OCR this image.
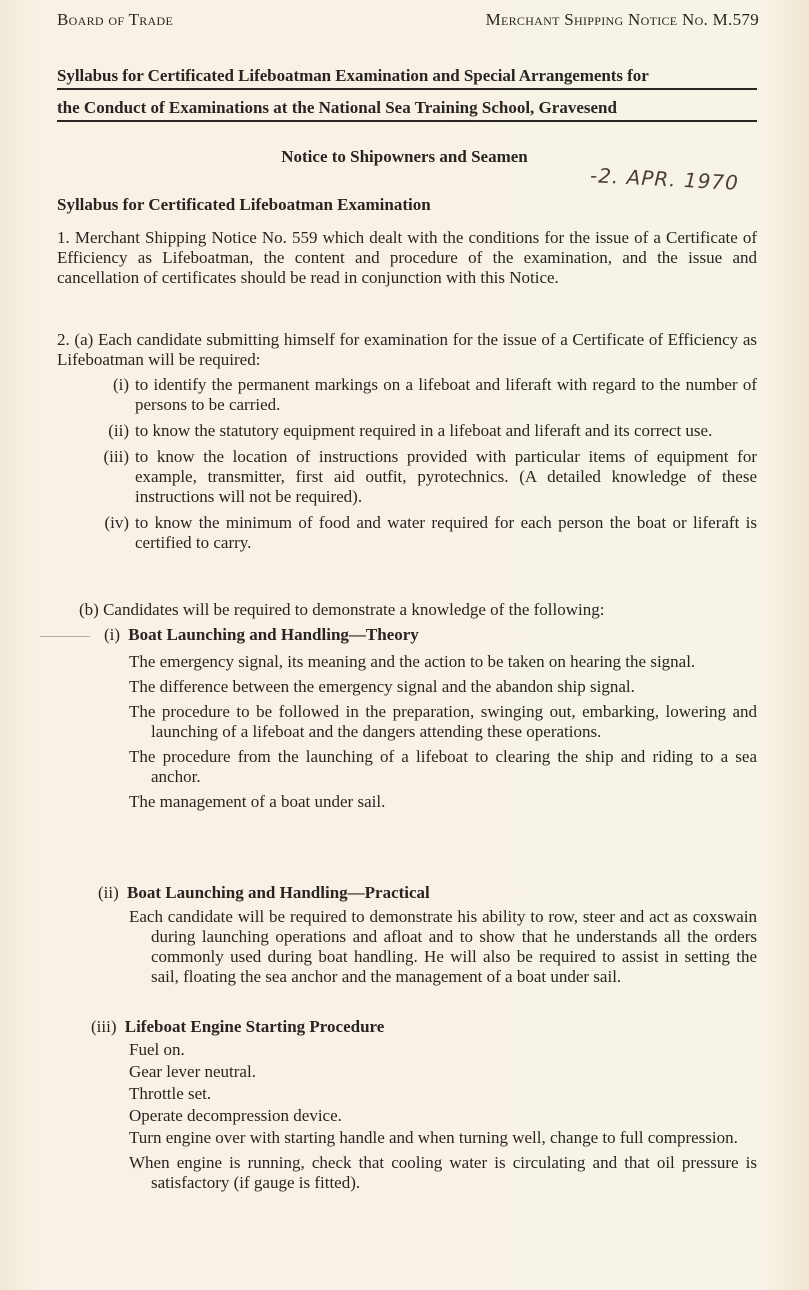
Board of Trade	Merchant Shipping Notice No. M.579
Syllabus for Certificated Lifeboatman Examination and Special Arrangements for
the Conduct of Examinations at the National Sea Training School, Gravesend
Notice to Shipowners and Seamen
-2. APR. 1970
Syllabus for Certificated Lifeboatman Examination

1. Merchant Shipping Notice No. 559 which dealt with the conditions for the issue of a Certificate of Efficiency as Lifeboatman, the content and procedure of the examination, and the issue and cancellation of certificates should be read in conjunction with this Notice.

2. (a) Each candidate submitting himself for examination for the issue of a Certificate of Efficiency as Lifeboatman will be required:

(i) to identify the permanent markings on a lifeboat and liferaft with regard to the number of persons to be carried.
(ii) to know the statutory equipment required in a lifeboat and liferaft and its correct use.
(iii) to know the location of instructions provided with particular items of equipment for example, transmitter, first aid outfit, pyrotechnics. (A detailed knowledge of these instructions will not be required).
(iv) to know the minimum of food and water required for each person the boat or liferaft is certified to carry.

(b) Candidates will be required to demonstrate a knowledge of the following:

(i) Boat Launching and Handling—Theory

The emergency signal, its meaning and the action to be taken on hearing the signal.

The difference between the emergency signal and the abandon ship signal.

The procedure to be followed in the preparation, swinging out, embarking, lowering and launching of a lifeboat and the dangers attending these operations.

The procedure from the launching of a lifeboat to clearing the ship and riding to a sea anchor.

The management of a boat under sail.

(ii) Boat Launching and Handling—Practical

Each candidate will be required to demonstrate his ability to row, steer and act as coxswain during launching operations and afloat and to show that he understands all the orders commonly used during boat handling. He will also be required to assist in setting the sail, floating the sea anchor and the management of a boat under sail.

(iii) Lifeboat Engine Starting Procedure

Fuel on.

Gear lever neutral.

Throttle set.

Operate decompression device.

Turn engine over with starting handle and when turning well, change to full compression.

When engine is running, check that cooling water is circulating and that oil pressure is satisfactory (if gauge is fitted).
